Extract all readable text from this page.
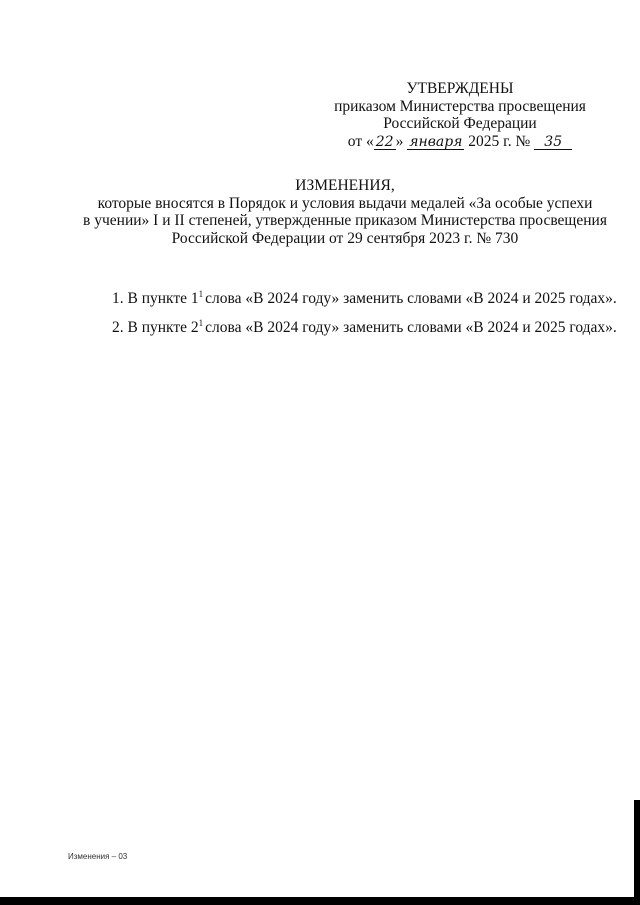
УТВЕРЖДЕНЫ
приказом Министерства просвещения
Российской Федерации
от « 22 » января 2025 г. № 35
ИЗМЕНЕНИЯ,
которые вносятся в Порядок и условия выдачи медалей «За особые успехи
в учении» I и II степеней, утвержденные приказом Министерства просвещения
Российской Федерации от 29 сентября 2023 г. № 730
1. В пункте $1^1$ слова «В 2024 году» заменить словами «В 2024 и 2025 годах».
2. В пункте $2^1$ слова «В 2024 году» заменить словами «В 2024 и 2025 годах».
Изменения – 03
